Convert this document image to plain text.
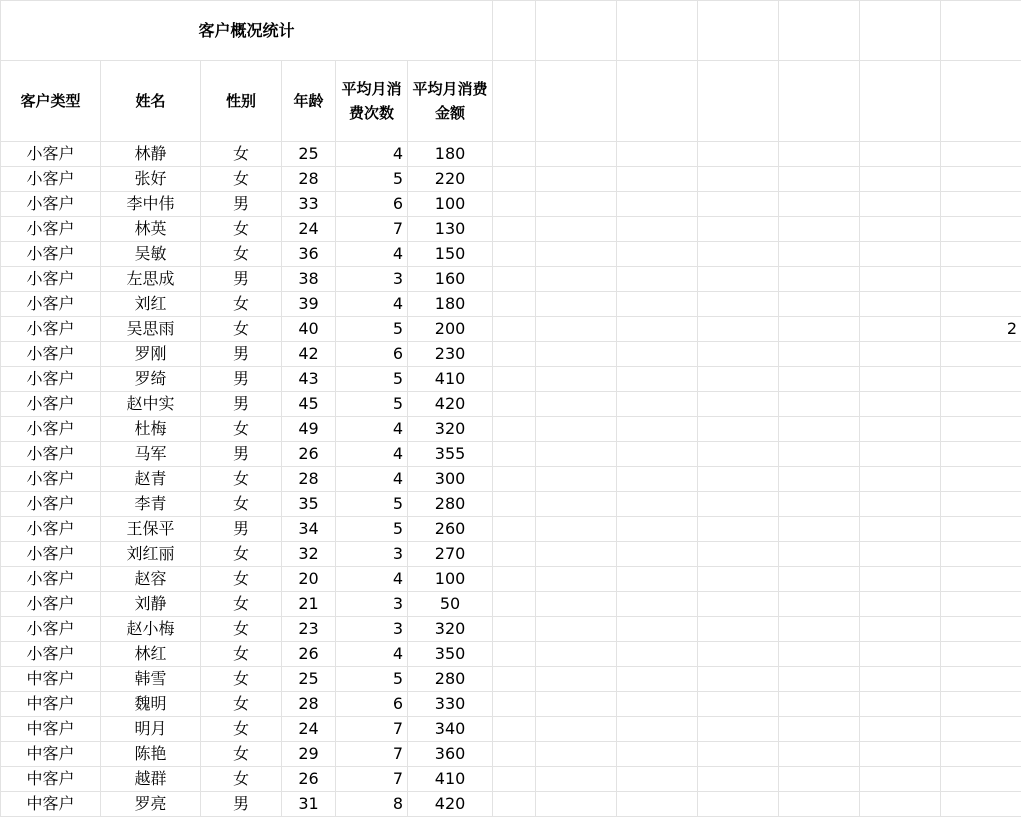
客户概况统计												
客户类型	姓名	性别	年龄	平均月消费次数	平均月消费金额							

小客户	林静	女	25	4	180							
小客户	张好	女	28	5	220							
小客户	李中伟	男	33	6	100							
小客户	林英	女	24	7	130							
小客户	吴敏	女	36	4	150							
小客户	左思成	男	38	3	160							
小客户	刘红	女	39	4	180							
小客户	吴思雨	女	40	5	200							2
小客户	罗刚	男	42	6	230							
小客户	罗绮	男	43	5	410							
小客户	赵中实	男	45	5	420							
小客户	杜梅	女	49	4	320							
小客户	马军	男	26	4	355							
小客户	赵青	女	28	4	300							
小客户	李青	女	35	5	280							
小客户	王保平	男	34	5	260							
小客户	刘红丽	女	32	3	270							
小客户	赵容	女	20	4	100							
小客户	刘静	女	21	3	50							
小客户	赵小梅	女	23	3	320							
小客户	林红	女	26	4	350							
中客户	韩雪	女	25	5	280							
中客户	魏明	女	28	6	330							
中客户	明月	女	24	7	340							
中客户	陈艳	女	29	7	360							
中客户	越群	女	26	7	410							
中客户	罗亮	男	31	8	420							
